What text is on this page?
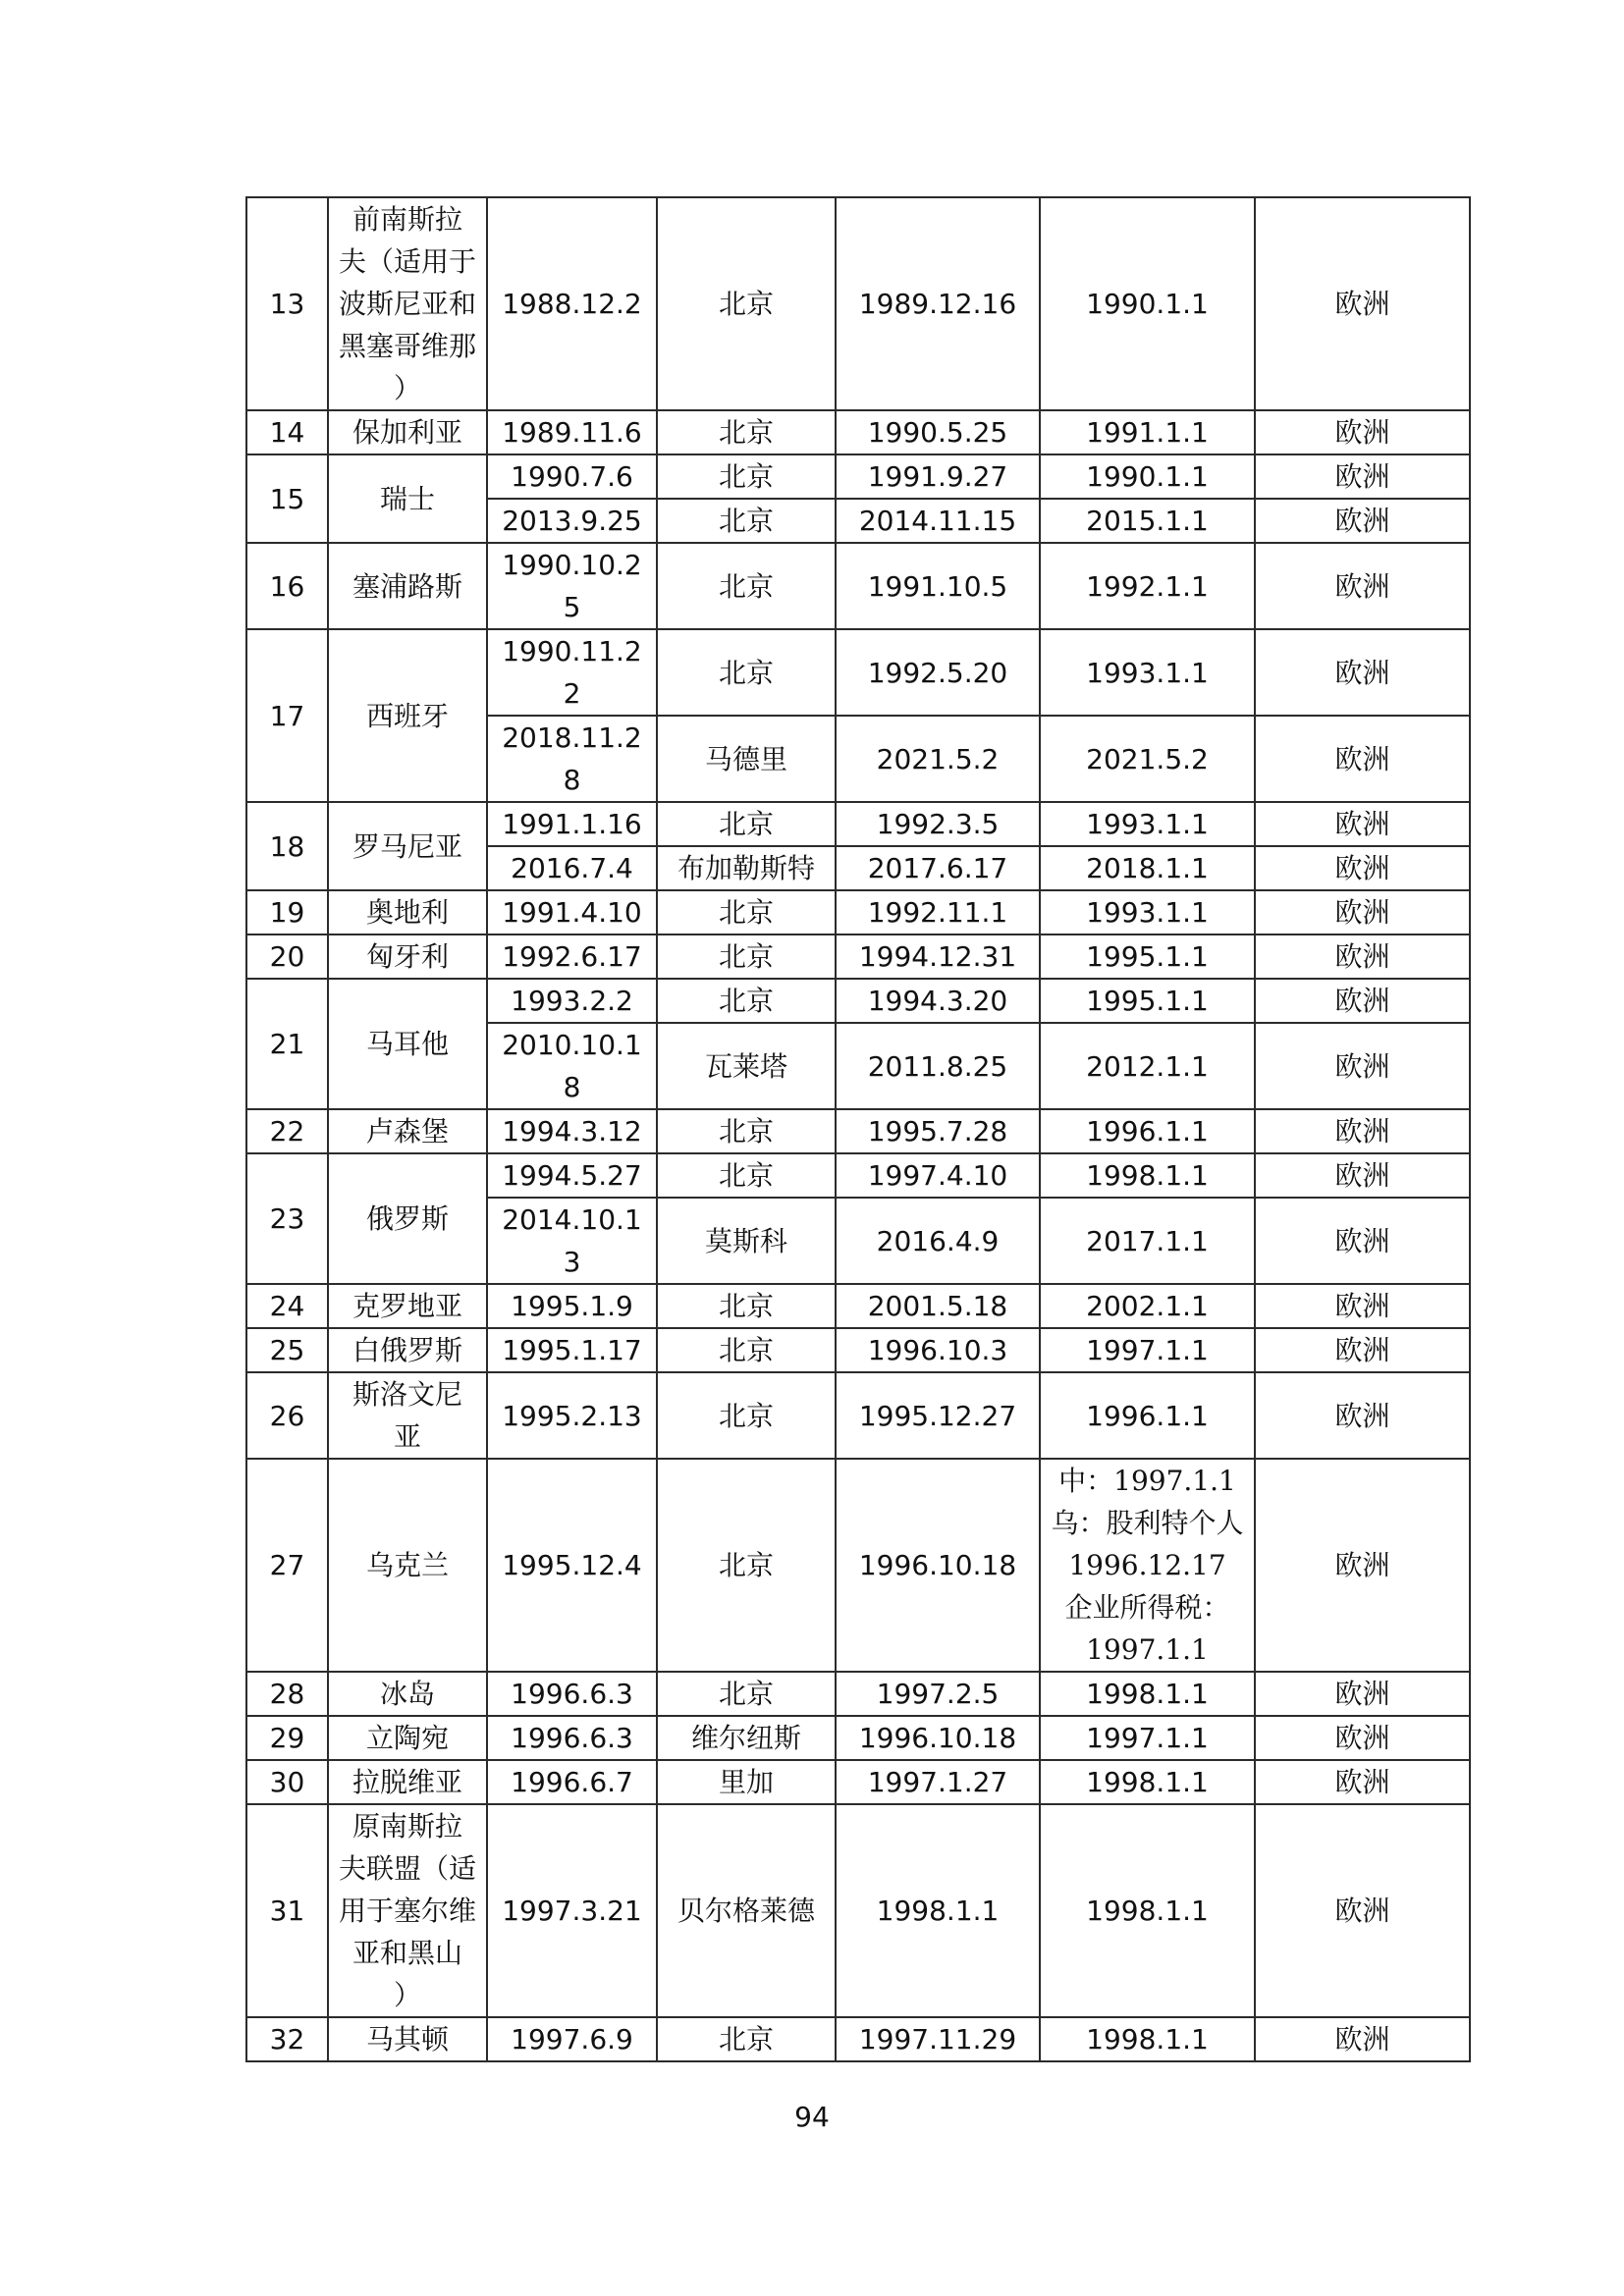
13	前南斯拉
夫（适用于
波斯尼亚和
黑塞哥维那
）	1988.12.2	北京	1989.12.16	1990.1.1	欧洲
14	保加利亚	1989.11.6	北京	1990.5.25	1991.1.1	欧洲
15	瑞士	1990.7.6	北京	1991.9.27	1990.1.1	欧洲
		2013.9.25	北京	2014.11.15	2015.1.1	欧洲
16	塞浦路斯	1990.10.2
5	北京	1991.10.5	1992.1.1	欧洲
17	西班牙	1990.11.2
2	北京	1992.5.20	1993.1.1	欧洲

		2018.11.2
8	马德里	2021.5.2	2021.5.2	欧洲
18	罗马尼亚	1991.1.16	北京	1992.3.5	1993.1.1	欧洲
		2016.7.4	布加勒斯特	2017.6.17	2018.1.1	欧洲
19	奥地利	1991.4.10	北京	1992.11.1	1993.1.1	欧洲
20	匈牙利	1992.6.17	北京	1994.12.31	1995.1.1	欧洲
21	马耳他	1993.2.2	北京	1994.3.20	1995.1.1	欧洲

		2010.10.1
8	瓦莱塔	2011.8.25	2012.1.1	欧洲
22	卢森堡	1994.3.12	北京	1995.7.28	1996.1.1	欧洲
23	俄罗斯	1994.5.27	北京	1997.4.10	1998.1.1	欧洲

		2014.10.1
3	莫斯科	2016.4.9	2017.1.1	欧洲
24	克罗地亚	1995.1.9	北京	2001.5.18	2002.1.1	欧洲
25	白俄罗斯	1995.1.17	北京	1996.10.3	1997.1.1	欧洲
26	斯洛文尼
亚	1995.2.13	北京	1995.12.27	1996.1.1	欧洲
27	乌克兰	1995.12.4	北京	1996.10.18	中：1997.1.1
乌：股利特个人
1996.12.17
企业所得税：
1997.1.1	欧洲
28	冰岛	1996.6.3	北京	1997.2.5	1998.1.1	欧洲
29	立陶宛	1996.6.3	维尔纽斯	1996.10.18	1997.1.1	欧洲
30	拉脱维亚	1996.6.7	里加	1997.1.27	1998.1.1	欧洲
31	原南斯拉
夫联盟（适
用于塞尔维
亚和黑山
）	1997.3.21	贝尔格莱德	1998.1.1	1998.1.1	欧洲
32	马其顿	1997.6.9	北京	1997.11.29	1998.1.1	欧洲
94
